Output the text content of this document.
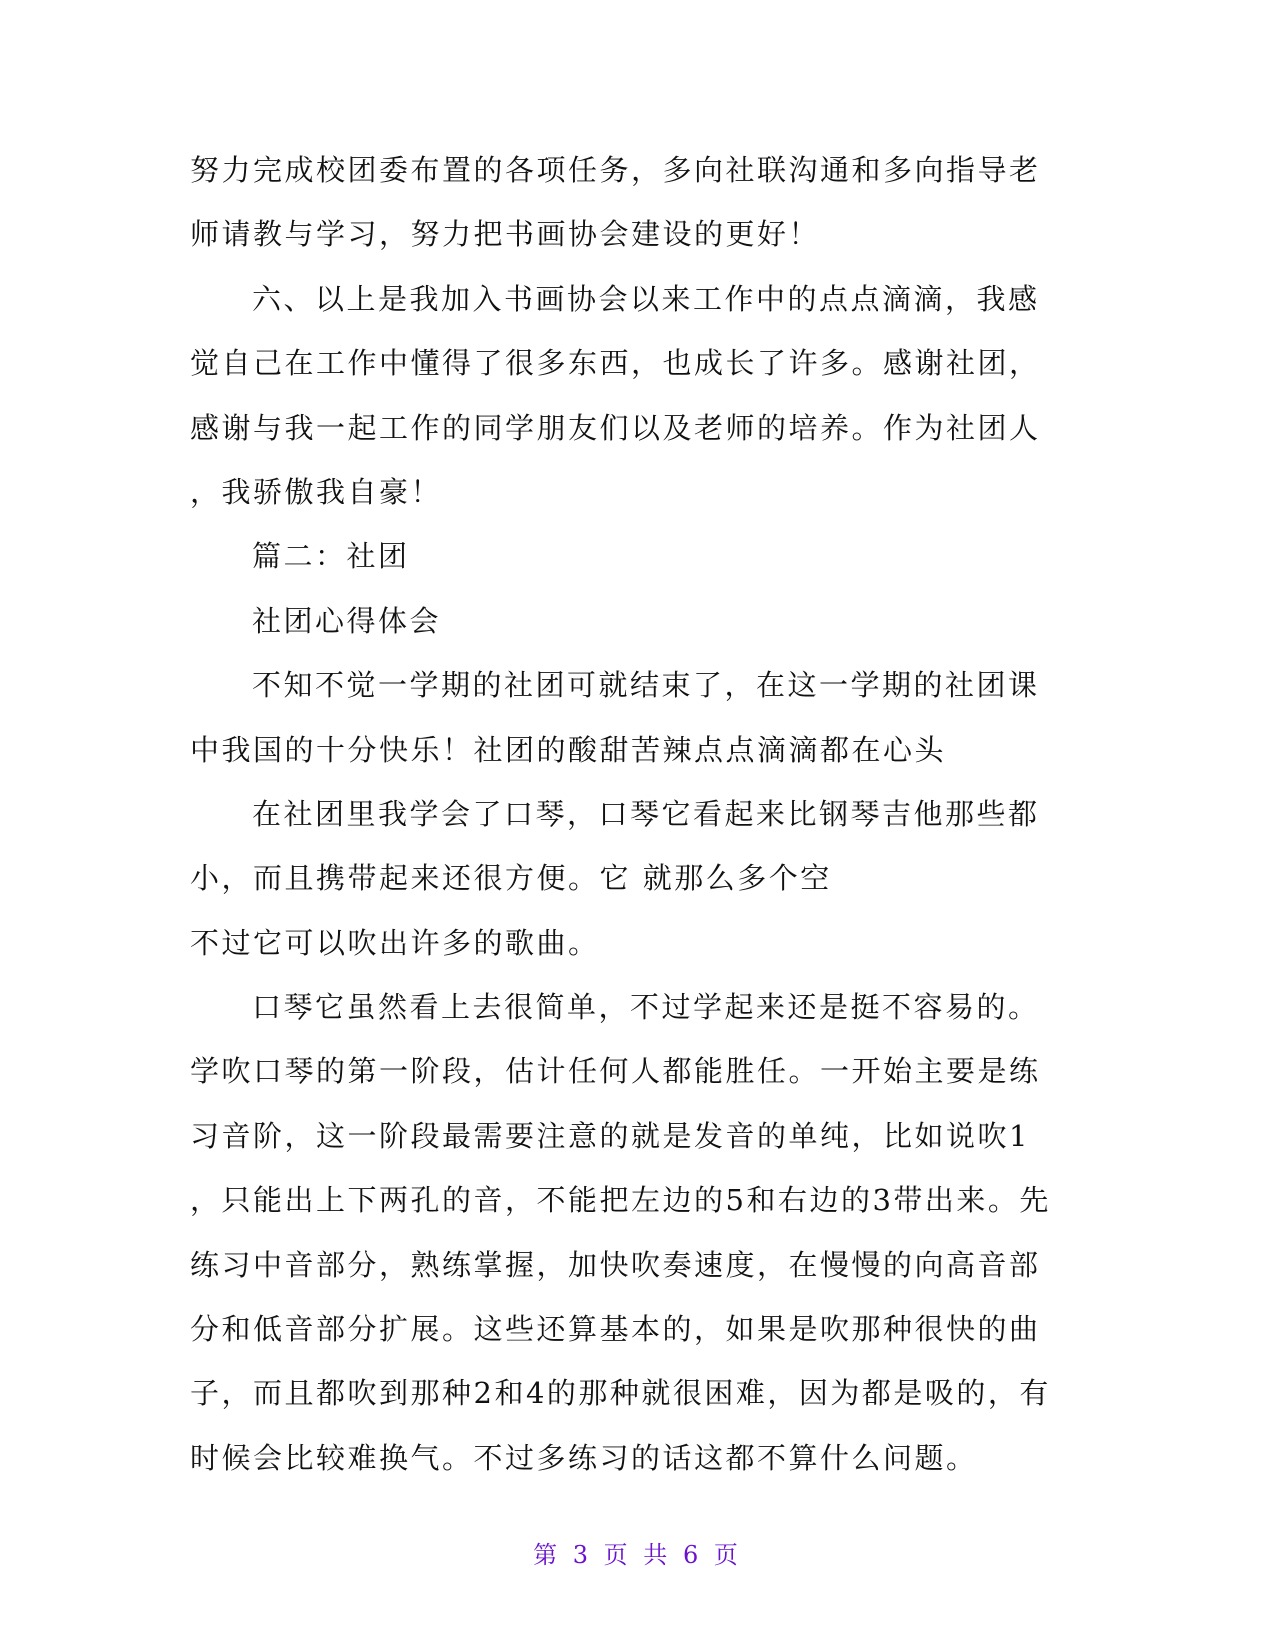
努力完成校团委布置的各项任务，多向社联沟通和多向指导老
师请教与学习，努力把书画协会建设的更好！
六、以上是我加入书画协会以来工作中的点点滴滴，我感
觉自己在工作中懂得了很多东西，也成长了许多。感谢社团，
感谢与我一起工作的同学朋友们以及老师的培养。作为社团人
，我骄傲我自豪！
篇二：社团
社团心得体会
不知不觉一学期的社团可就结束了，在这一学期的社团课
中我国的十分快乐！社团的酸甜苦辣点点滴滴都在心头
在社团里我学会了口琴，口琴它看起来比钢琴吉他那些都
小，而且携带起来还很方便。它 就那么多个空
不过它可以吹出许多的歌曲。
口琴它虽然看上去很简单，不过学起来还是挺不容易的。
学吹口琴的第一阶段，估计任何人都能胜任。一开始主要是练
习音阶，这一阶段最需要注意的就是发音的单纯，比如说吹1
，只能出上下两孔的音，不能把左边的5和右边的3带出来。先
练习中音部分，熟练掌握，加快吹奏速度，在慢慢的向高音部
分和低音部分扩展。这些还算基本的，如果是吹那种很快的曲
子，而且都吹到那种2和4的那种就很困难，因为都是吸的，有
时候会比较难换气。不过多练习的话这都不算什么问题。
第 3 页 共 6 页
